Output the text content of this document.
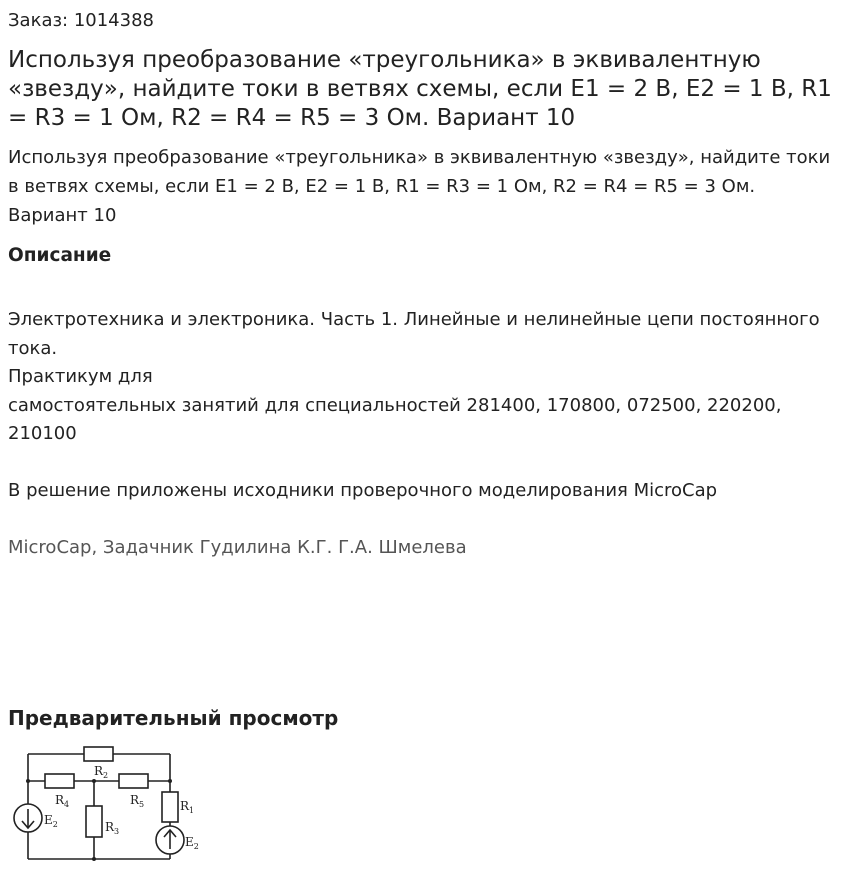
Заказ: 1014388
Используя преобразование «треугольника» в эквивалентную «звезду», найдите токи в ветвях схемы, если Е1 = 2 В, Е2 = 1 В, R1 = R3 = 1 Ом, R2 = R4 = R5 = 3 Ом. Вариант 10

Используя преобразование «треугольника» в эквивалентную «звезду», найдите токи в ветвях схемы, если Е1 = 2 В, Е2 = 1 В, R1 = R3 = 1 Ом, R2 = R4 = R5 = 3 Ом. Вариант 10

Описание

Электротехника и электроника. Часть 1. Линейные и нелинейные цепи постоянного тока.

Практикум для

самостоятельных занятий для специальностей 281400, 170800, 072500, 220200, 210100

В решение приложены исходники проверочного моделирования MicroCap

MicroCap, Задачник Гудилина К.Г. Г.А. Шмелева
Предварительный просмотр
$R_2$
$R_4$	$R_5$
$R_3$
$R_1$
$E_2$
$E_2$
